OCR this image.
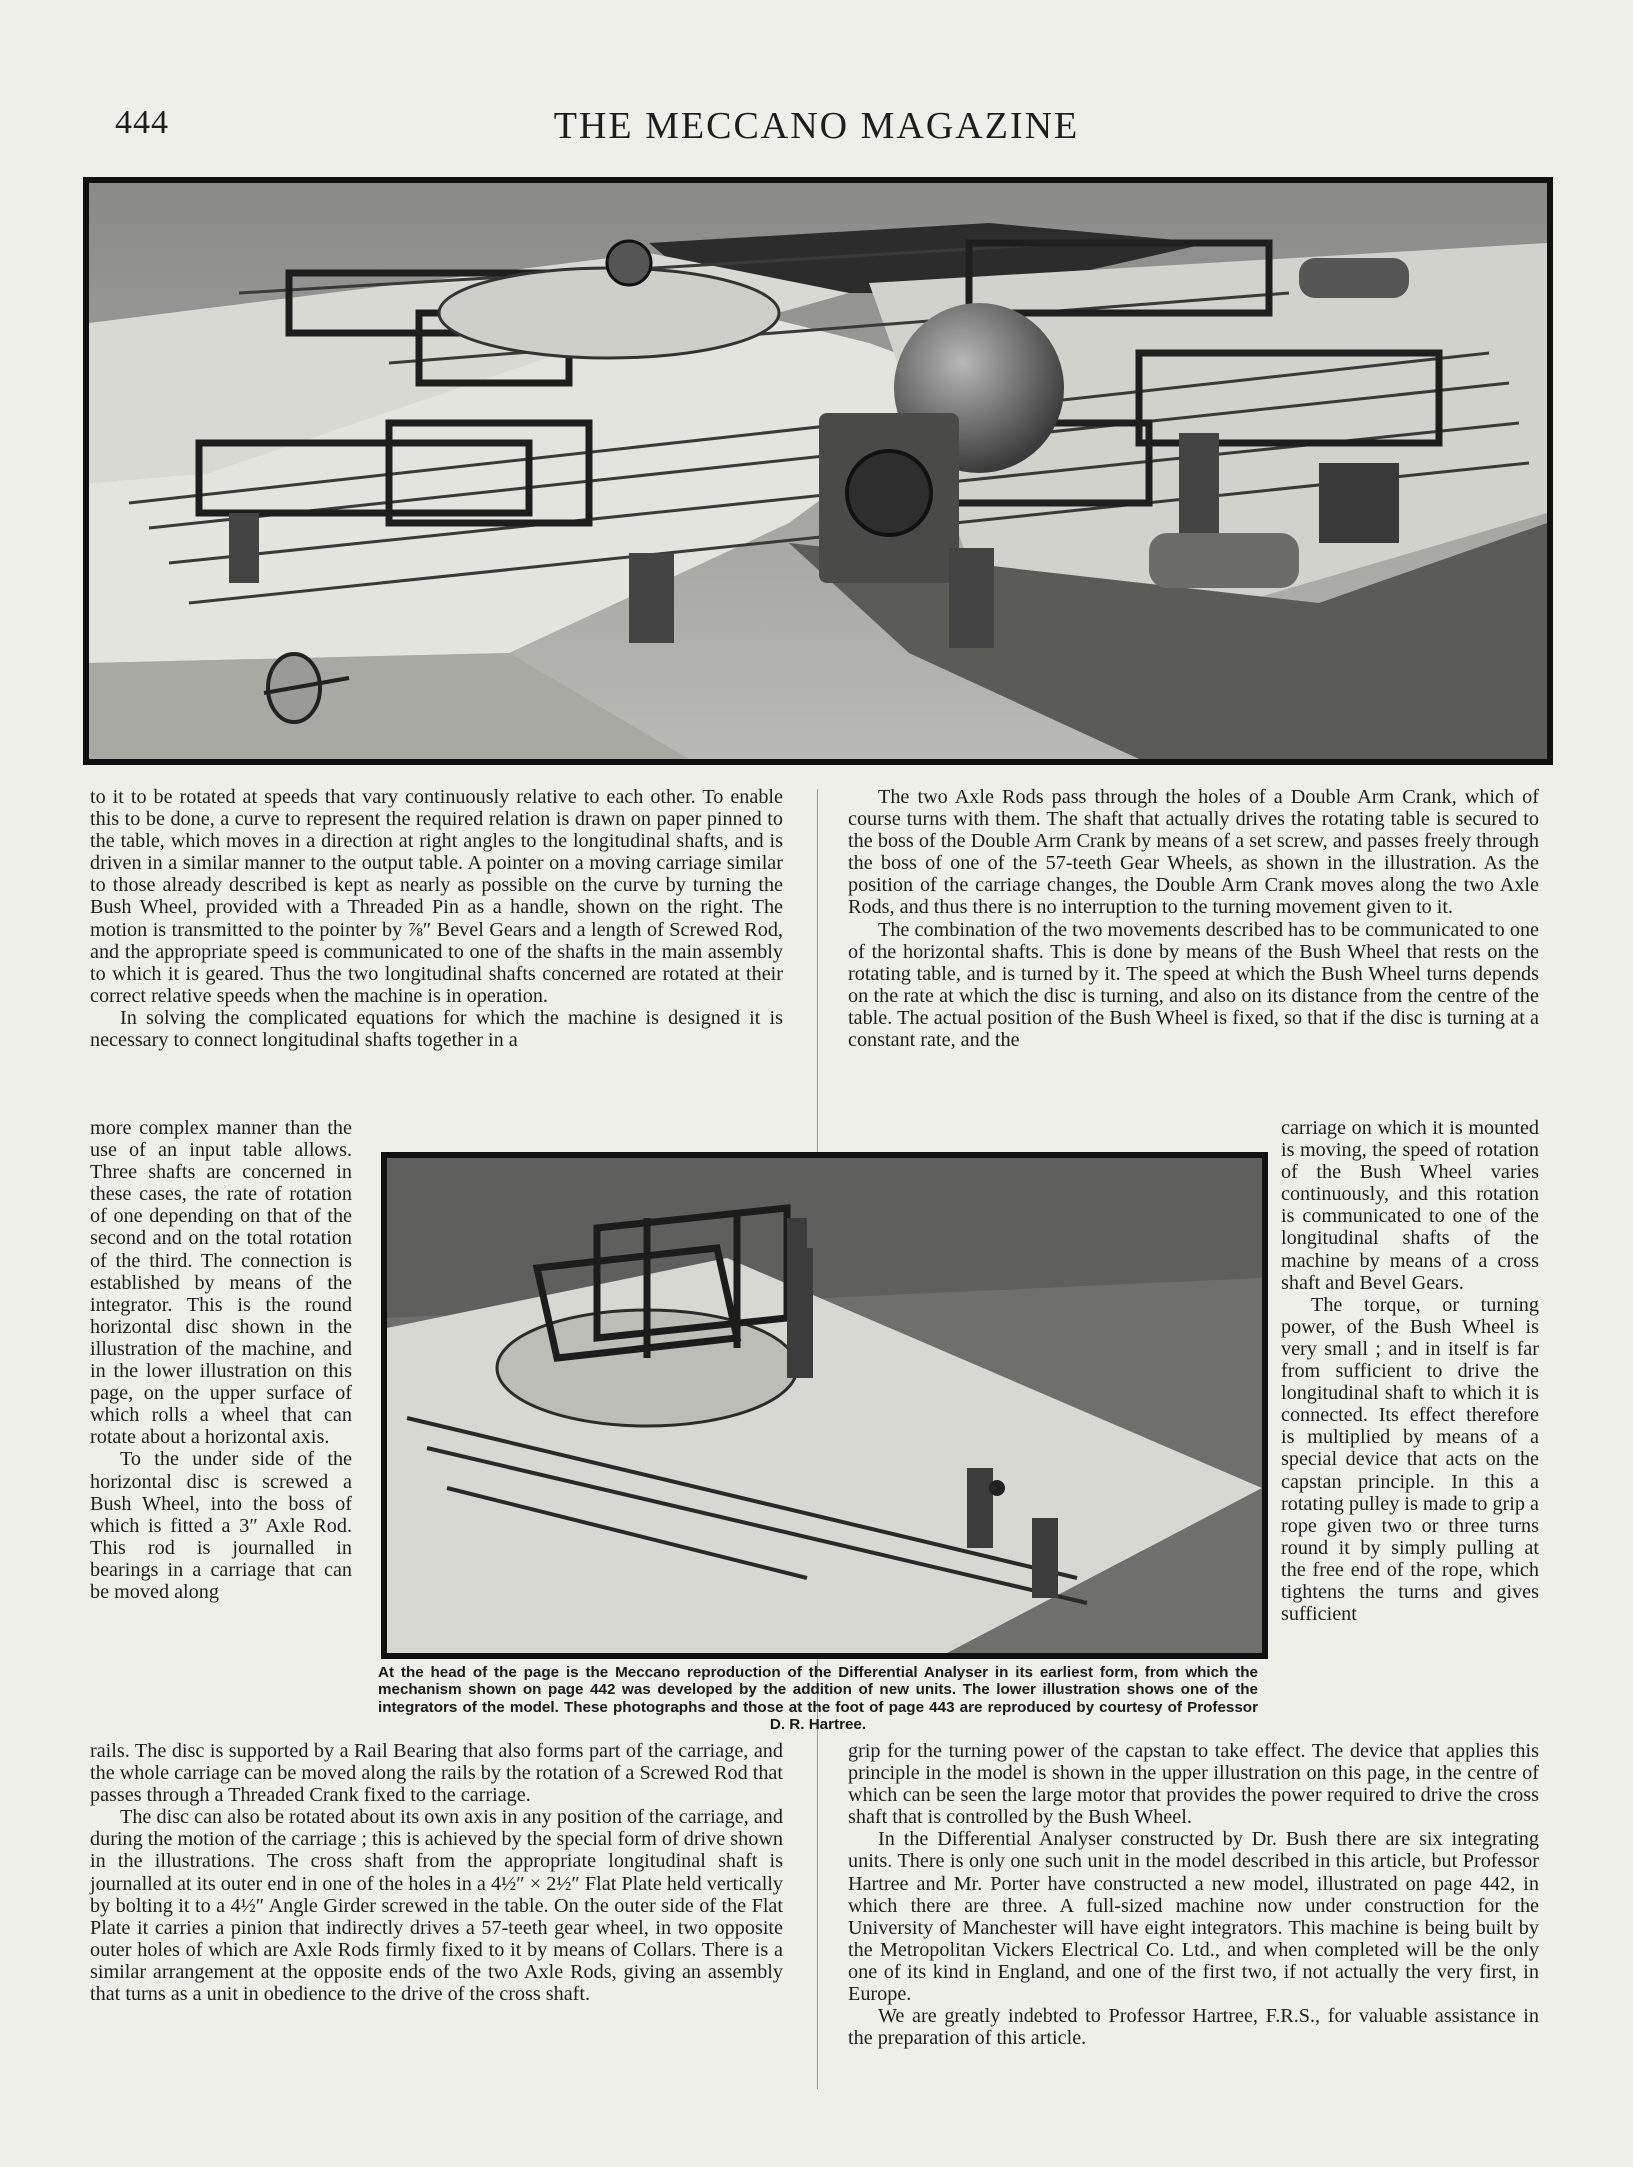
444	THE MECCANO MAGAZINE

to it to be rotated at speeds that vary continuously relative to each other. To enable this to be done, a curve to represent the required relation is drawn on paper pinned to the table, which moves in a direction at right angles to the longitudinal shafts, and is driven in a similar manner to the output table. A pointer on a moving carriage similar to those already described is kept as nearly as possible on the curve by turning the Bush Wheel, provided with a Threaded Pin as a handle, shown on the right. The motion is transmitted to the pointer by ⅞″ Bevel Gears and a length of Screwed Rod, and the appropriate speed is communicated to one of the shafts in the main assembly to which it is geared. Thus the two longitudinal shafts concerned are rotated at their correct relative speeds when the machine is in operation.

In solving the complicated equations for which the machine is designed it is necessary to connect longitudinal shafts together in a

more complex manner than the use of an input table allows. Three shafts are concerned in these cases, the rate of rotation of one depending on that of the second and on the total rotation of the third. The connection is established by means of the integrator. This is the round horizontal disc shown in the illustration of the machine, and in the lower illustration on this page, on the upper surface of which rolls a wheel that can rotate about a horizontal axis.

To the under side of the horizontal disc is screwed a Bush Wheel, into the boss of which is fitted a 3″ Axle Rod. This rod is journalled in bearings in a carriage that can be moved along

rails. The disc is supported by a Rail Bearing that also forms part of the carriage, and the whole carriage can be moved along the rails by the rotation of a Screwed Rod that passes through a Threaded Crank fixed to the carriage.

The disc can also be rotated about its own axis in any position of the carriage, and during the motion of the carriage ; this is achieved by the special form of drive shown in the illustrations. The cross shaft from the appropriate longitudinal shaft is journalled at its outer end in one of the holes in a 4½″ × 2½″ Flat Plate held vertically by bolting it to a 4½″ Angle Girder screwed in the table. On the outer side of the Flat Plate it carries a pinion that indirectly drives a 57-teeth gear wheel, in two opposite outer holes of which are Axle Rods firmly fixed to it by means of Collars. There is a similar arrangement at the opposite ends of the two Axle Rods, giving an assembly that turns as a unit in obedience to the drive of the cross shaft.

The two Axle Rods pass through the holes of a Double Arm Crank, which of course turns with them. The shaft that actually drives the rotating table is secured to the boss of the Double Arm Crank by means of a set screw, and passes freely through the boss of one of the 57-teeth Gear Wheels, as shown in the illustration. As the position of the carriage changes, the Double Arm Crank moves along the two Axle Rods, and thus there is no interruption to the turning movement given to it.

The combination of the two movements described has to be communicated to one of the horizontal shafts. This is done by means of the Bush Wheel that rests on the rotating table, and is turned by it. The speed at which the Bush Wheel turns depends on the rate at which the disc is turning, and also on its distance from the centre of the table. The actual position of the Bush Wheel is fixed, so that if the disc is turning at a constant rate, and the

carriage on which it is mounted is moving, the speed of rotation of the Bush Wheel varies continuously, and this rotation is communicated to one of the longitudinal shafts of the machine by means of a cross shaft and Bevel Gears.

The torque, or turning power, of the Bush Wheel is very small ; and in itself is far from sufficient to drive the longitudinal shaft to which it is connected. Its effect therefore is multiplied by means of a special device that acts on the capstan principle. In this a rotating pulley is made to grip a rope given two or three turns round it by simply pulling at the free end of the rope, which tightens the turns and gives sufficient

grip for the turning power of the capstan to take effect. The device that applies this principle in the model is shown in the upper illustration on this page, in the centre of which can be seen the large motor that provides the power required to drive the cross shaft that is controlled by the Bush Wheel.

In the Differential Analyser constructed by Dr. Bush there are six integrating units. There is only one such unit in the model described in this article, but Professor Hartree and Mr. Porter have constructed a new model, illustrated on page 442, in which there are three. A full-sized machine now under construction for the University of Manchester will have eight integrators. This machine is being built by the Metropolitan Vickers Electrical Co. Ltd., and when completed will be the only one of its kind in England, and one of the first two, if not actually the very first, in Europe.

We are greatly indebted to Professor Hartree, F.R.S., for valuable assistance in the preparation of this article.

At the head of the page is the Meccano reproduction of the Differential Analyser in its earliest form, from which the mechanism shown on page 442 was developed by the addition of new units. The lower illustration shows one of the integrators of the model. These photographs and those at the foot of page 443 are reproduced by courtesy of Professor D. R. Hartree.
